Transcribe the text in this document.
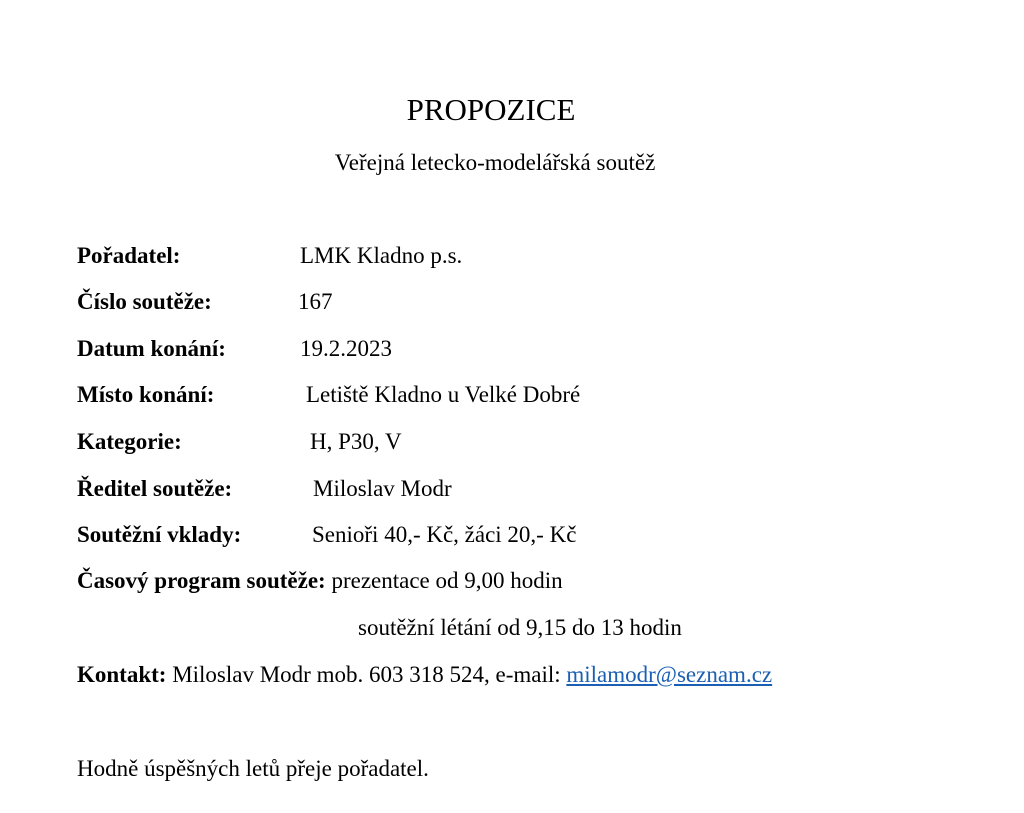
PROPOZICE
Veřejná letecko-modelářská soutěž
Pořadatel:	LMK Kladno p.s.
Číslo soutěže:	167
Datum konání:	19.2.2023
Místo konání:	Letiště Kladno u Velké Dobré
Kategorie:	H, P30, V
Ředitel soutěže:	Miloslav Modr
Soutěžní vklady:	Senioři 40,- Kč, žáci 20,- Kč
Časový program soutěže: prezentace od 9,00 hodin
soutěžní létání od 9,15 do 13 hodin
Kontakt: Miloslav Modr mob. 603 318 524, e-mail: milamodr@seznam.cz
Hodně úspěšných letů přeje pořadatel.
